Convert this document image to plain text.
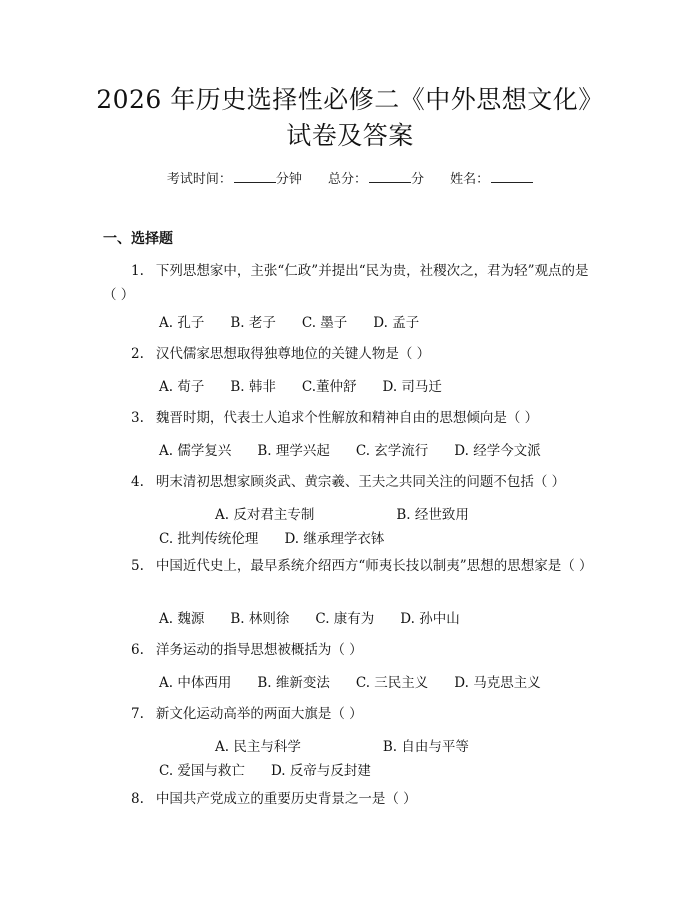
2026 年历史选择性必修二《中外思想文化》
试卷及答案
考试时间：	分钟 总分：	分 姓名：
一、选择题
1. 下列思想家中，主张“仁政”并提出“民为贵，社稷次之，君为轻”观点的是（ ）
A. 孔子 B. 老子 C. 墨子 D. 孟子
2. 汉代儒家思想取得独尊地位的关键人物是（ ）
A. 荀子 B. 韩非 C.董仲舒 D. 司马迁
3. 魏晋时期，代表士人追求个性解放和精神自由的思想倾向是（ ）
A. 儒学复兴 B. 理学兴起 C. 玄学流行 D. 经学今文派
4. 明末清初思想家顾炎武、黄宗羲、王夫之共同关注的问题不包括（ ）
A. 反对君主专制	B. 经世致用C. 批判传统伦理 D. 继承理学衣钵
5. 中国近代史上，最早系统介绍西方“师夷长技以制夷”思想的思想家是（ ）
A. 魏源 B. 林则徐 C. 康有为 D. 孙中山
6. 洋务运动的指导思想被概括为（ ）
A. 中体西用 B. 维新变法 C. 三民主义 D. 马克思主义
7. 新文化运动高举的两面大旗是（ ）
A. 民主与科学	B. 自由与平等C. 爱国与救亡 D. 反帝与反封建
8. 中国共产党成立的重要历史背景之一是（ ）
